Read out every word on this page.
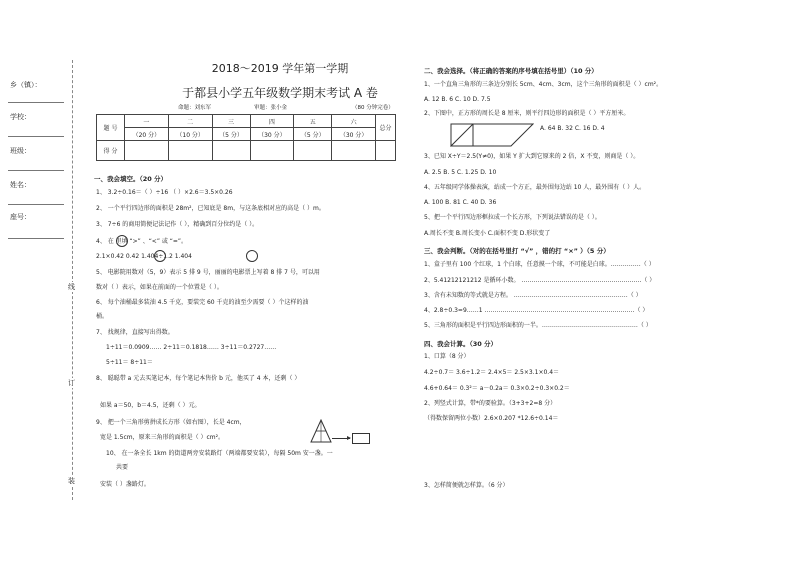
乡（镇）：
学校：
班级：
姓名：
座号：
线
订
装
2018～2019 学年第一学期
于都县小学五年级数学期末考试 A 卷
命题：刘东军	审题：张小金	（80 分钟完卷）
题 号	一	二	三	四	五	六	总分
	（20 分）	（10 分）	（5 分）	（30 分）	（5 分）	（30 分）	
得 分							
一、我会填空。（20 分）
1、 3.2÷0.16＝（ ）÷16 （ ）×2.6＝3.5×0.26
2、 一个平行四边形的面积是 28m²，已知底是 8m，与这条底相对应的高是（ ）m。
3、 7÷6 的商用简便记法记作（ ），精确到百分位约是（ ）。
4、 在 里填 “>” 、“<” 或 “=”。
2.1×0.42 0.42 1.404÷1.2 1.404
5、 电影院用数对（5，9）表示 5 排 9 号，丽丽的电影票上写着 8 排 7 号，可以用
数对（ ）表示，如果在前面的一个位置是（ ）。
6、 每个油桶最多装油 4.5 千克，要装完 60 千克的油至少需要（ ）个这样的油
桶。
7、 找规律，直接写出得数。
1÷11＝0.0909…… 2÷11＝0.1818…… 3÷11＝0.2727……
5÷11＝ 8÷11＝
8、 聪聪带 a 元去买笔记本，每个笔记本售价 b 元，他买了 4 本，还剩（ ）
如果 a＝50，b＝4.5，还剩（ ）元。
9、 把一个三角形剪拼成长方形（如右图），长是 4cm，
宽是 1.5cm，原来三角形的面积是（ ）cm²。
10、 在一条全长 1km 的街道两旁安装路灯（两端都要安装），每隔 50m 安一盏。一
共要
安装（ ）盏路灯。
二、我会选择。（将正确的答案的序号填在括号里）（10 分）
1、一个直角三角形的三条边分别长 5cm、4cm、3cm，这个三角形的面积是（ ）cm²。
A. 12 B. 6 C. 10 D. 7.5
2、下图中，正方形的周长是 8 厘米，则平行四边形的面积是（ ）平方厘米。
A. 64 B. 32 C. 16 D. 4
3、已知 X÷Y＝2.5(Y≠0)，如果 Y 扩大到它原来的 2 倍，X 不变，则商是（ ）。
A. 2.5 B. 5 C. 1.25 D. 10
4、五年级同学体操表演，站成一个方正，最外围每边站 10 人，最外围有（ ）人。
A. 100 B. 81 C. 40 D. 36
5、把一个平行四边形框拉成一个长方形，下列说法错误的是（ ）。
A.周长不变 B.周长变小 C.面积不变 D.形状变了
三、我会判断。（对的在括号里打 “√” ，错的打 “×” ）（5 分）
1、盒子里有 100 个红球，1 个白球，任意摸一个球，不可能是白球。……………（ ）
2、5.41212121212 是循环小数。 ……………………………………………………（ ）
3、含有未知数的等式就是方程。 …………………………………………………（ ）
4、2.8÷0.3=9……1 …………………………………………………………………（ ）
5、三角形的面积是平行四边形面积的一半。…………………………………………（ ）
四、我会计算。（30 分）
1、口算（8 分）
4.2÷0.7＝ 3.6÷1.2＝ 2.4×5＝ 2.5×3.1×0.4＝
4.6+0.64＝ 0.3²＝ a－0.2a＝ 0.3×0.2÷0.3×0.2＝
2、列竖式计算，带*的要验算。（3+3+2=8 分）
（得数保留两位小数）2.6×0.207 *12.6÷0.14＝
3、怎样简便就怎样算。（6 分）
